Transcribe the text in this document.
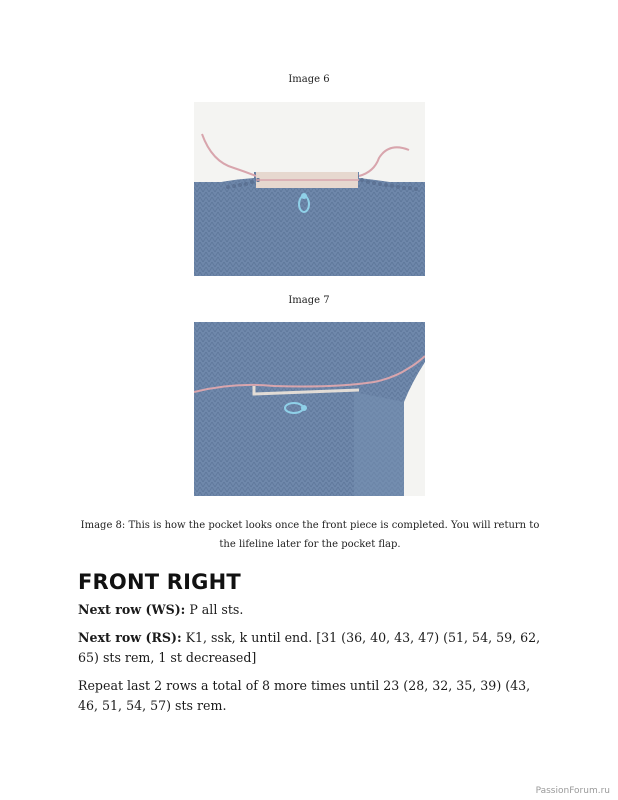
Image 6
Image 7
Image 8: This is how the pocket looks once the front piece is completed. You will return to the lifeline later for the pocket flap.
FRONT RIGHT

Next row (WS): P all sts.

Next row (RS): K1, ssk, k until end. [31 (36, 40, 43, 47) (51, 54, 59, 62, 65) sts rem, 1 st decreased]

Repeat last 2 rows a total of 8 more times until 23 (28, 32, 35, 39) (43, 46, 51, 54, 57) sts rem.

PassionForum.ru
